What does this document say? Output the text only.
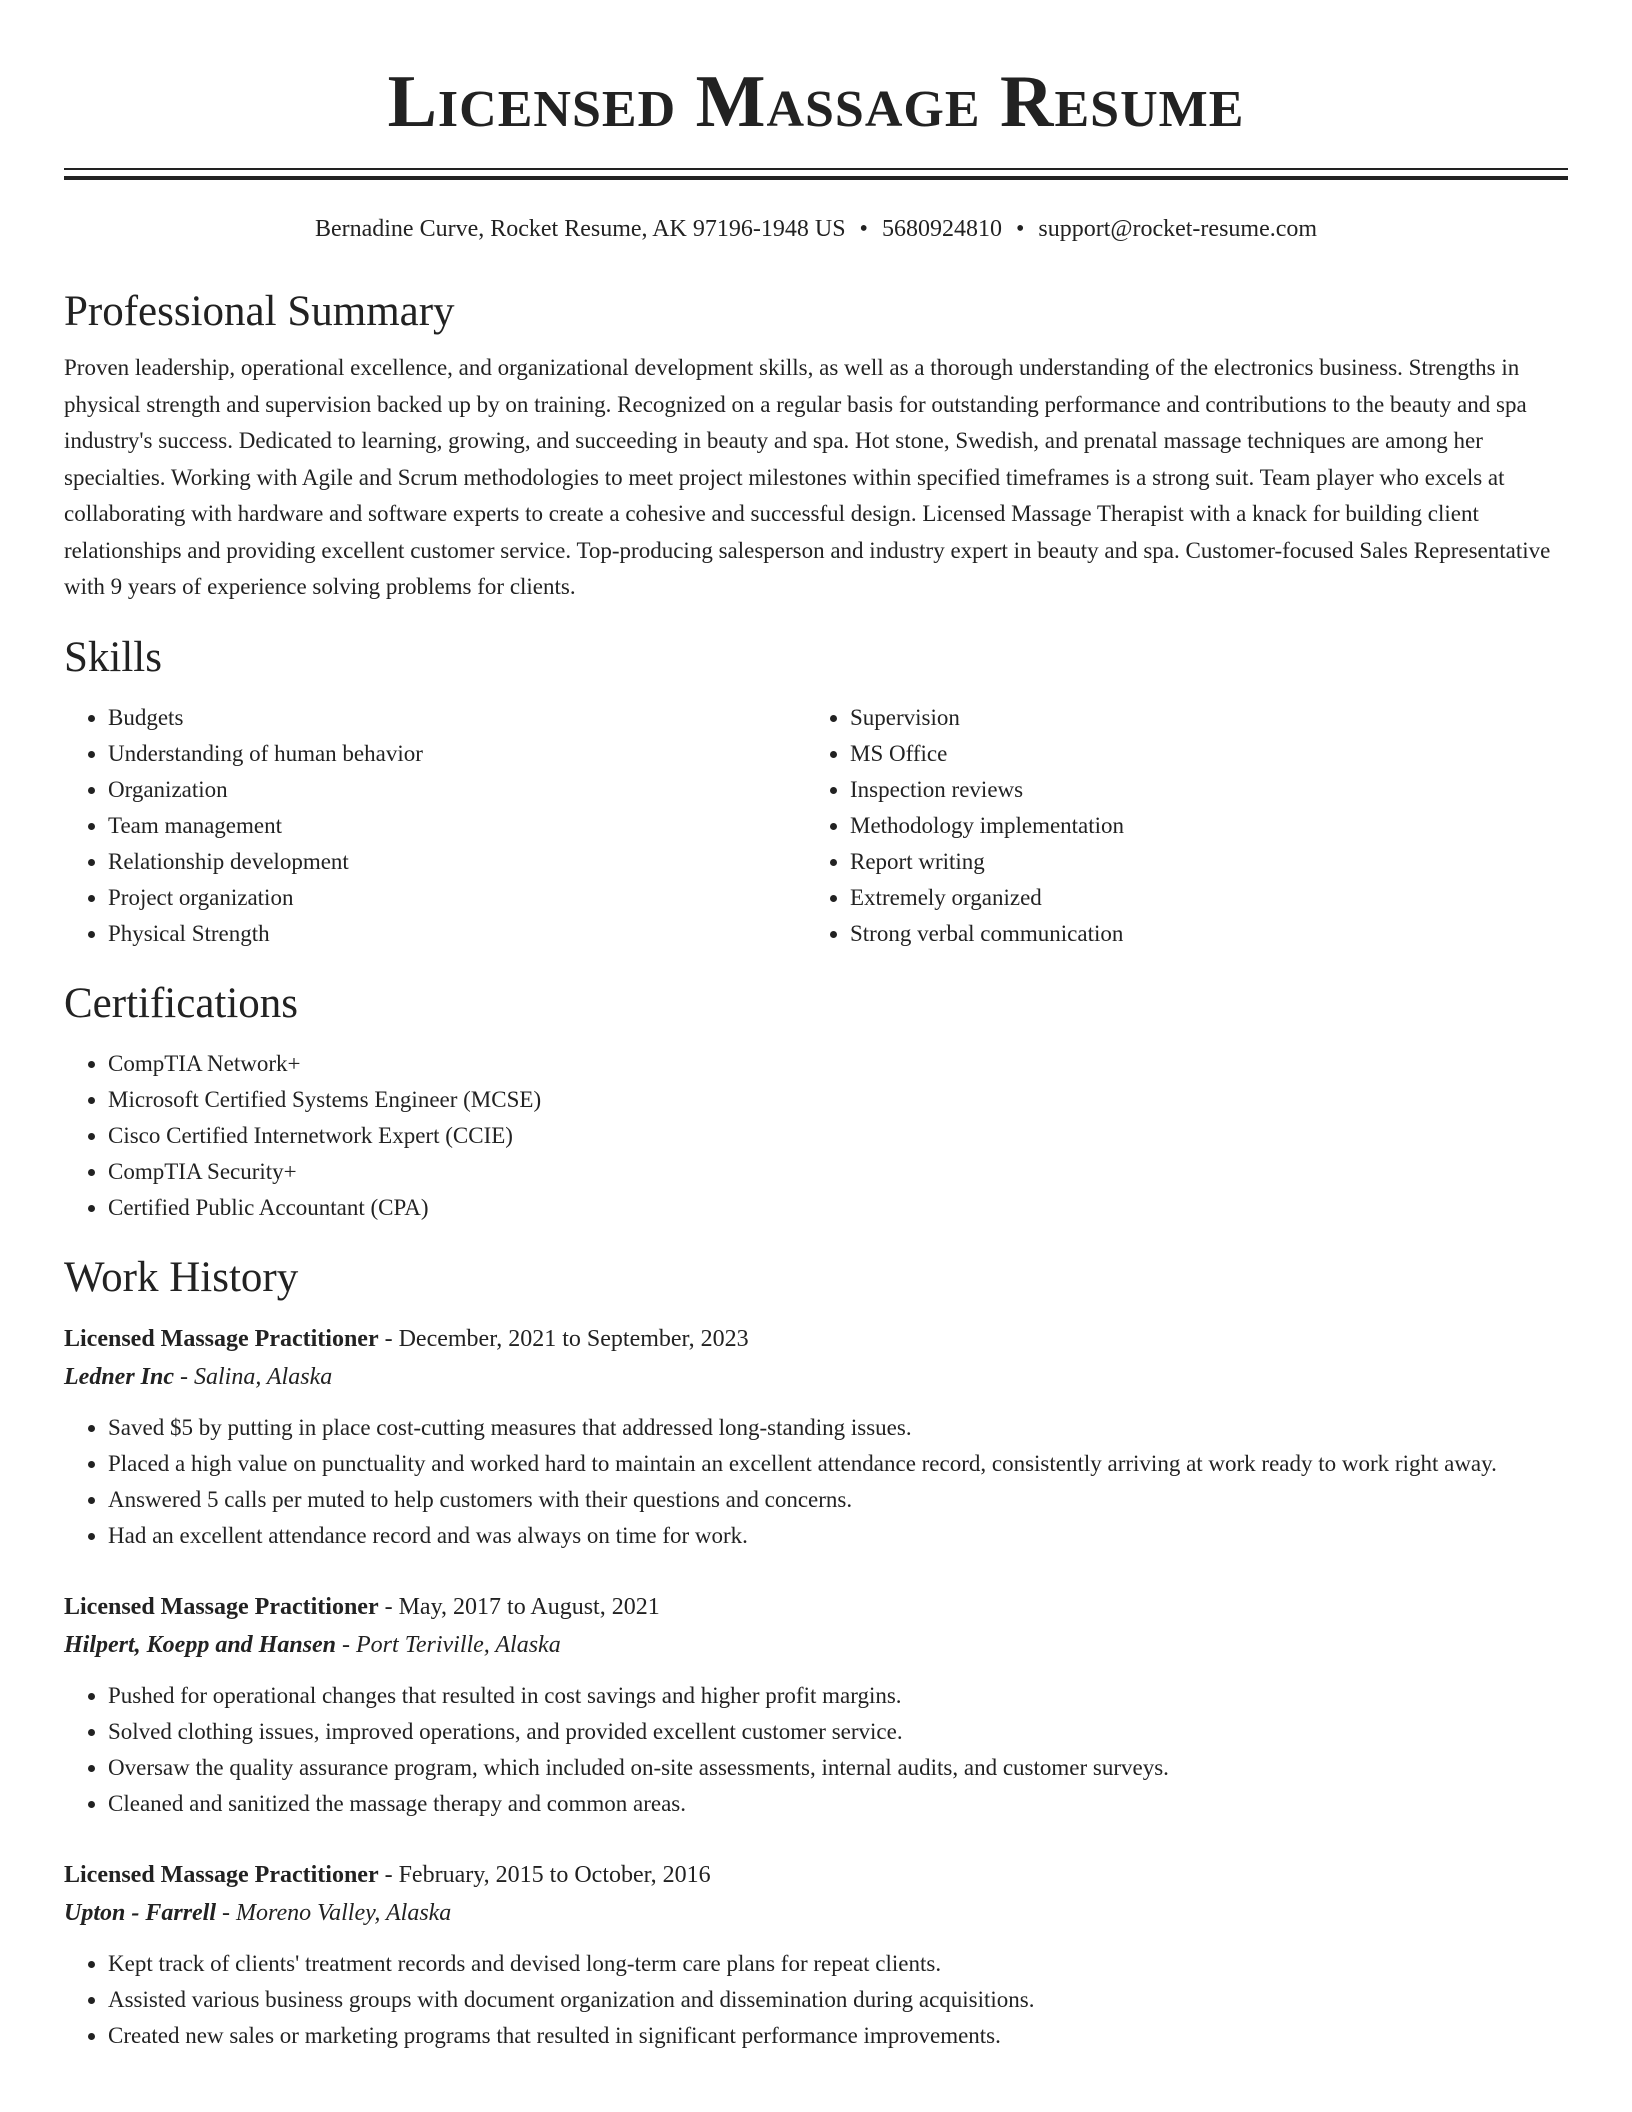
Licensed Massage Resume
Bernadine Curve, Rocket Resume, AK 97196-1948 US • 5680924810 • support@rocket-resume.com
Professional Summary
Proven leadership, operational excellence, and organizational development skills, as well as a thorough understanding of the electronics business. Strengths in physical strength and supervision backed up by on training. Recognized on a regular basis for outstanding performance and contributions to the beauty and spa industry's success. Dedicated to learning, growing, and succeeding in beauty and spa. Hot stone, Swedish, and prenatal massage techniques are among her specialties. Working with Agile and Scrum methodologies to meet project milestones within specified timeframes is a strong suit. Team player who excels at collaborating with hardware and software experts to create a cohesive and successful design. Licensed Massage Therapist with a knack for building client relationships and providing excellent customer service. Top-producing salesperson and industry expert in beauty and spa. Customer-focused Sales Representative with 9 years of experience solving problems for clients.
Skills
• Budgets
• Understanding of human behavior
• Organization
• Team management
• Relationship development
• Project organization
• Physical Strength
• Supervision
• MS Office
• Inspection reviews
• Methodology implementation
• Report writing
• Extremely organized
• Strong verbal communication
Certifications
• CompTIA Network+
• Microsoft Certified Systems Engineer (MCSE)
• Cisco Certified Internetwork Expert (CCIE)
• CompTIA Security+
• Certified Public Accountant (CPA)
Work History
Licensed Massage Practitioner - December, 2021 to September, 2023
Ledner Inc - Salina, Alaska
• Saved $5 by putting in place cost-cutting measures that addressed long-standing issues.
• Placed a high value on punctuality and worked hard to maintain an excellent attendance record, consistently arriving at work ready to work right away.
• Answered 5 calls per muted to help customers with their questions and concerns.
• Had an excellent attendance record and was always on time for work.
Licensed Massage Practitioner - May, 2017 to August, 2021
Hilpert, Koepp and Hansen - Port Teriville, Alaska
• Pushed for operational changes that resulted in cost savings and higher profit margins.
• Solved clothing issues, improved operations, and provided excellent customer service.
• Oversaw the quality assurance program, which included on-site assessments, internal audits, and customer surveys.
• Cleaned and sanitized the massage therapy and common areas.
Licensed Massage Practitioner - February, 2015 to October, 2016
Upton - Farrell - Moreno Valley, Alaska
• Kept track of clients' treatment records and devised long-term care plans for repeat clients.
• Assisted various business groups with document organization and dissemination during acquisitions.
• Created new sales or marketing programs that resulted in significant performance improvements.
